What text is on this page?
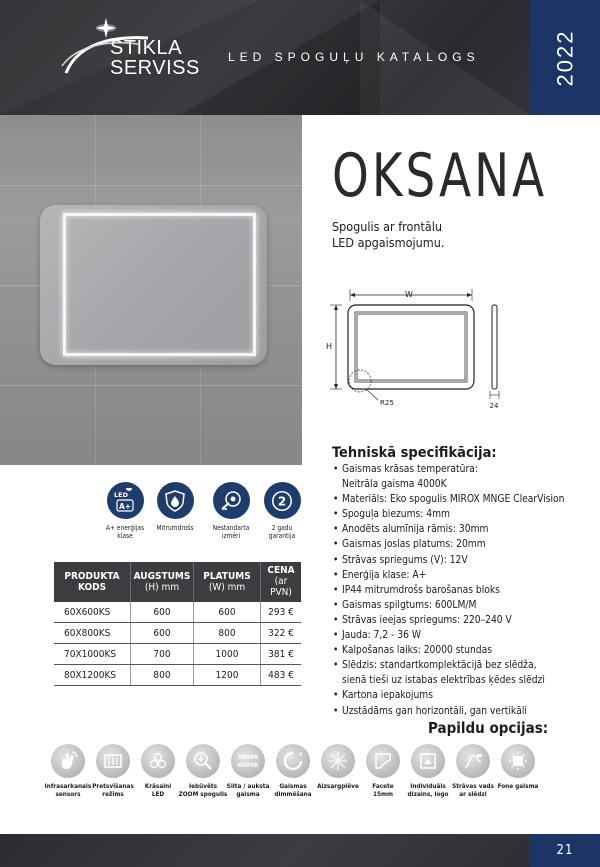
STIKLA
SERVISS LED SPOGUĻU KATALOGS	2022
OKSANA
Spogulis ar frontālu
LED apgaismojumu.
W
H
R25	24
Tehniskā specifikācija:
• Gaismas krāsas temperatūra:
Neitrāla gaisma 4000K
• Materiāls: Eko spogulis MIROX MNGE ClearVision
• Spoguļa biezums: 4mm
• Anodēts alumīnija rāmis: 30mm
• Gaismas joslas platums: 20mm
• Strāvas spriegums (V): 12V
• Enerģija klase: A+
• IP44 mitrumdrošs barošanas bloks
• Gaismas spilgtums: 600LM/M
• Strāvas ieejas spriegums: 220–240 V
• Jauda: 7,2 - 36 W
• Kalpošanas laiks: 20000 stundas
• Slēdzis: standartkomplektācijā bez slēdža,
sienā tieši uz istabas elektrības ķēdes slēdzi
• Kartona iepakojums
• Uzstādāms gan horizontāli, gan vertikāli
LED
A+
A+ enerģijas
klase
Mitrumdrošs	Nestandarta
izmēri
2
2 gadu
garantija
PRODUKTA
KODS	AUGSTUMS
(H) mm	PLATUMS
(W) mm	CENA
(ar PVN)

60X600KS	600	600	293 €
60X800KS	600	800	322 €
70X1000KS	700	1000	381 €
80X1200KS	800	1200	483 €
Papildu opcijas:
Infrasarkanais
sensors
Pretsvīšanas
režīms
Krāsaini
LED
Iebūvēts
ZOOM spogulis
3000K
6000K
Silta / auksta
gaisma
Gaismas
dimmēšana
Aizsargplēve	Facete
15mm
Individuāls
dizains, logo
Strāvas vads
ar slēdzi
Fone gaisma
21
